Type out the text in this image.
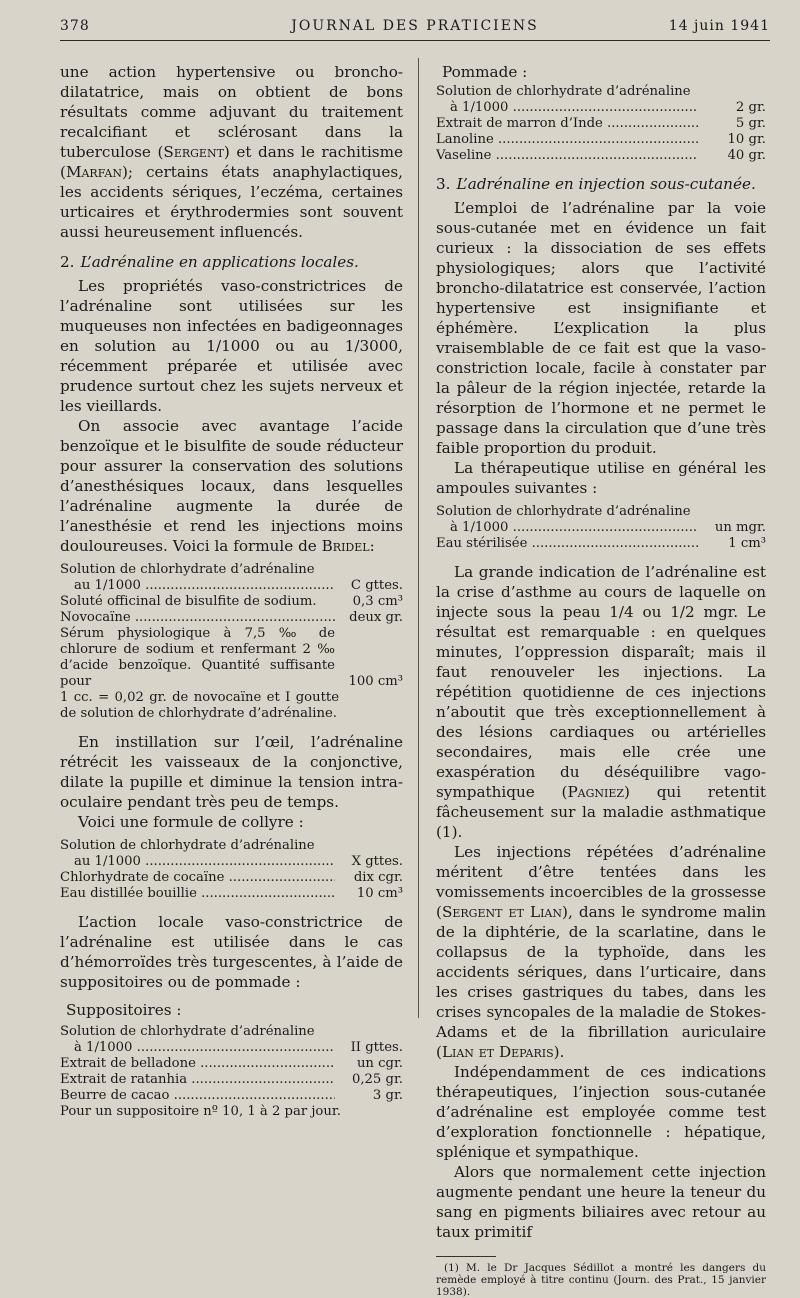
378	JOURNAL DES PRATICIENS	14 juin 1941

une action hypertensive ou broncho-dilatatrice, mais on obtient de bons résultats comme adjuvant du traitement recalcifiant et sclérosant dans la tuberculose (Sergent) et dans le rachitisme (Marfan); certains états anaphylactiques, les accidents sériques, l’eczéma, certaines urticaires et érythrodermies sont souvent aussi heureusement influencés.

2. L’adrénaline en applications locales.

Les propriétés vaso-constrictrices de l’adrénaline sont utilisées sur les muqueuses non infectées en badigeonnages en solution au 1/1000 ou au 1/3000, récemment préparée et utilisée avec prudence surtout chez les sujets nerveux et les vieillards.

On associe avec avantage l’acide benzoïque et le bisulfite de soude réducteur pour assurer la conservation des solutions d’anesthésiques locaux, dans lesquelles l’adrénaline augmente la durée de l’anesthésie et rend les injections moins douloureuses. Voici la formule de Bridel:

Solution de chlorhydrate d’adrénaline
au 1/1000 .....	C gttes.
Soluté officinal de bisulfite de sodium.	0,3 cm³
Novocaïne .....	deux gr.
Sérum physiologique à 7,5 ‰ de chlorure de sodium et renfermant 2 ‰ d’acide benzoïque. Quantité suffisante pour	100 cm³
1 cc. = 0,02 gr. de novocaïne et I goutte de solution de chlorhydrate d’adrénaline.

En instillation sur l’œil, l’adrénaline rétrécit les vaisseaux de la conjonctive, dilate la pupille et diminue la tension intra-oculaire pendant très peu de temps.

Voici une formule de collyre :

Solution de chlorhydrate d’adrénaline
au 1/1000 .....	X gttes.
Chlorhydrate de cocaïne .....	dix cgr.
Eau distillée bouillie .....	10 cm³

L’action locale vaso-constrictrice de l’adrénaline est utilisée dans le cas d’hémorroïdes très turgescentes, à l’aide de suppositoires ou de pommade :

Suppositoires :
Solution de chlorhydrate d’adrénaline
à 1/1000 .....	II gttes.
Extrait de belladone .....	un cgr.
Extrait de ratanhia .....	0,25 gr.
Beurre de cacao .....	3 gr.
Pour un suppositoire nº 10, 1 à 2 par jour.
Pommade :
Solution de chlorhydrate d’adrénaline
à 1/1000 .....	2 gr.
Extrait de marron d’Inde .....	5 gr.
Lanoline .....	10 gr.
Vaseline .....	40 gr.
3. L’adrénaline en injection sous-cutanée.

L’emploi de l’adrénaline par la voie sous-cutanée met en évidence un fait curieux : la dissociation de ses effets physiologiques; alors que l’activité broncho-dilatatrice est conservée, l’action hypertensive est insignifiante et éphémère. L’explication la plus vraisemblable de ce fait est que la vaso-constriction locale, facile à constater par la pâleur de la région injectée, retarde la résorption de l’hormone et ne permet le passage dans la circulation que d’une très faible proportion du produit.

La thérapeutique utilise en général les ampoules suivantes :

Solution de chlorhydrate d’adrénaline
à 1/1000 .....	un mgr.
Eau stérilisée .....	1 cm³

La grande indication de l’adrénaline est la crise d’asthme au cours de laquelle on injecte sous la peau 1/4 ou 1/2 mgr. Le résultat est remarquable : en quelques minutes, l’oppression disparaît; mais il faut renouveler les injections. La répétition quotidienne de ces injections n’aboutit que très exceptionnellement à des lésions cardiaques ou artérielles secondaires, mais elle crée une exaspération du déséquilibre vago-sympathique (Pagniez) qui retentit fâcheusement sur la maladie asthmatique (1).

Les injections répétées d’adrénaline méritent d’être tentées dans les vomissements incoercibles de la grossesse (Sergent et Lian), dans le syndrome malin de la diphtérie, de la scarlatine, dans le collapsus de la typhoïde, dans les accidents sériques, dans l’urticaire, dans les crises gastriques du tabes, dans les crises syncopales de la maladie de Stokes-Adams et de la fibrillation auriculaire (Lian et Deparis).

Indépendamment de ces indications thérapeutiques, l’injection sous-cutanée d’adrénaline est employée comme test d’exploration fonctionnelle : hépatique, splénique et sympathique.

Alors que normalement cette injection augmente pendant une heure la teneur du sang en pigments biliaires avec retour au taux primitif

(1) M. le Dr Jacques Sédillot a montré les dangers du remède employé à titre continu (Journ. des Prat., 15 janvier 1938).
